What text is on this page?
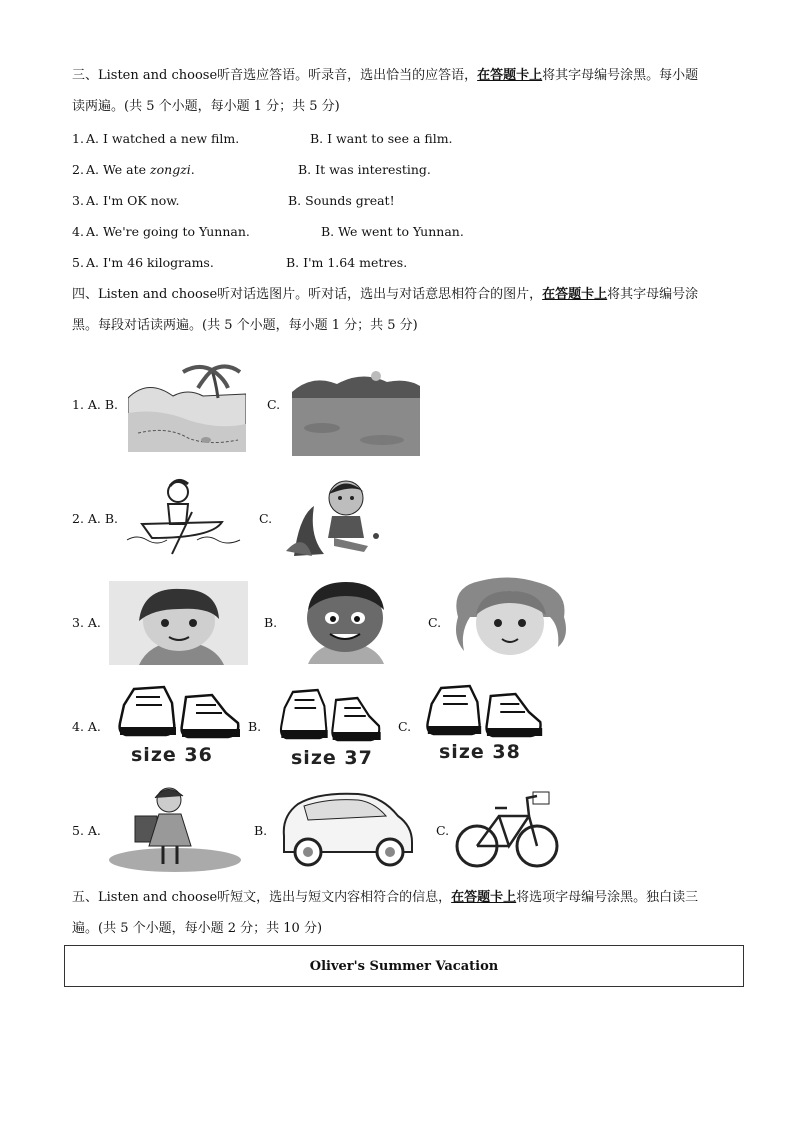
三、Listen and choose听音选应答语。听录音，选出恰当的应答语，在答题卡上将其字母编号涂黑。每小题
读两遍。(共 5 个小题，每小题 1 分；共 5 分)
1. A. I watched a new film.	B. I want to see a film.
2. A. We ate zongzi.	B. It was interesting.
3. A. I'm OK now.	B. Sounds great!
4. A. We're going to Yunnan.	B. We went to Yunnan.
5. A. I'm 46 kilograms.	B. I'm 1.64 metres.
四、Listen and choose听对话选图片。听对话，选出与对话意思相符合的图片，在答题卡上将其字母编号涂
黑。每段对话读两遍。(共 5 个小题，每小题 1 分；共 5 分)
1. A. B.	C.
2. A. B.	C.
3. A.	B.	C.
4. A.
size 36
B.
size 37
C.
size 38
5. A.	B.	C.
五、Listen and choose听短文，选出与短文内容相符合的信息，在答题卡上将选项字母编号涂黑。独白读三
遍。(共 5 个小题，每小题 2 分；共 10 分)
Oliver's Summer Vacation
